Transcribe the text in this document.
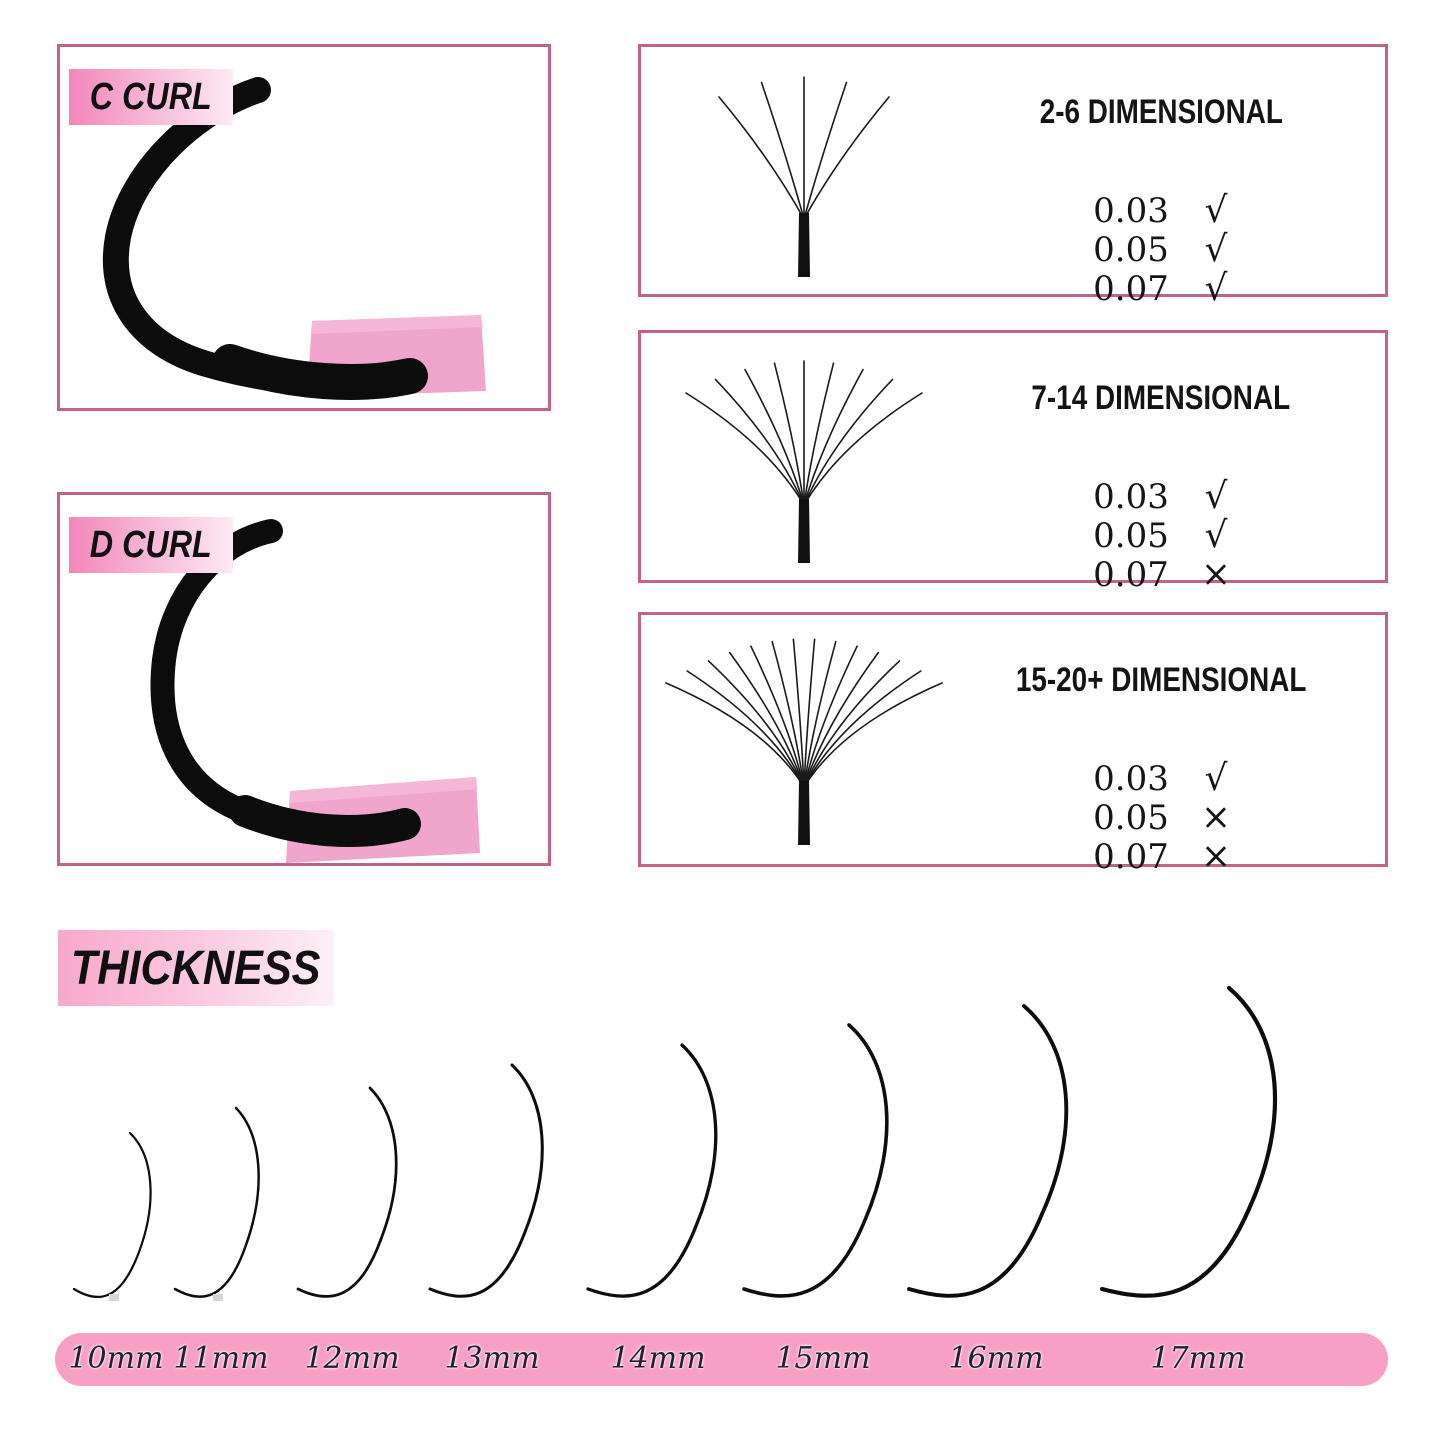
C CURL
D CURL
2-6 DIMENSIONAL
0.03 √
0.05 √
0.07 √
7-14 DIMENSIONAL
0.03 √
0.05 √
0.07 ×
15-20+ DIMENSIONAL
0.03 √
0.05 ×
0.07 ×
THICKNESS
10mm 11mm 12mm 13mm 14mm 15mm	16mm	17mm
